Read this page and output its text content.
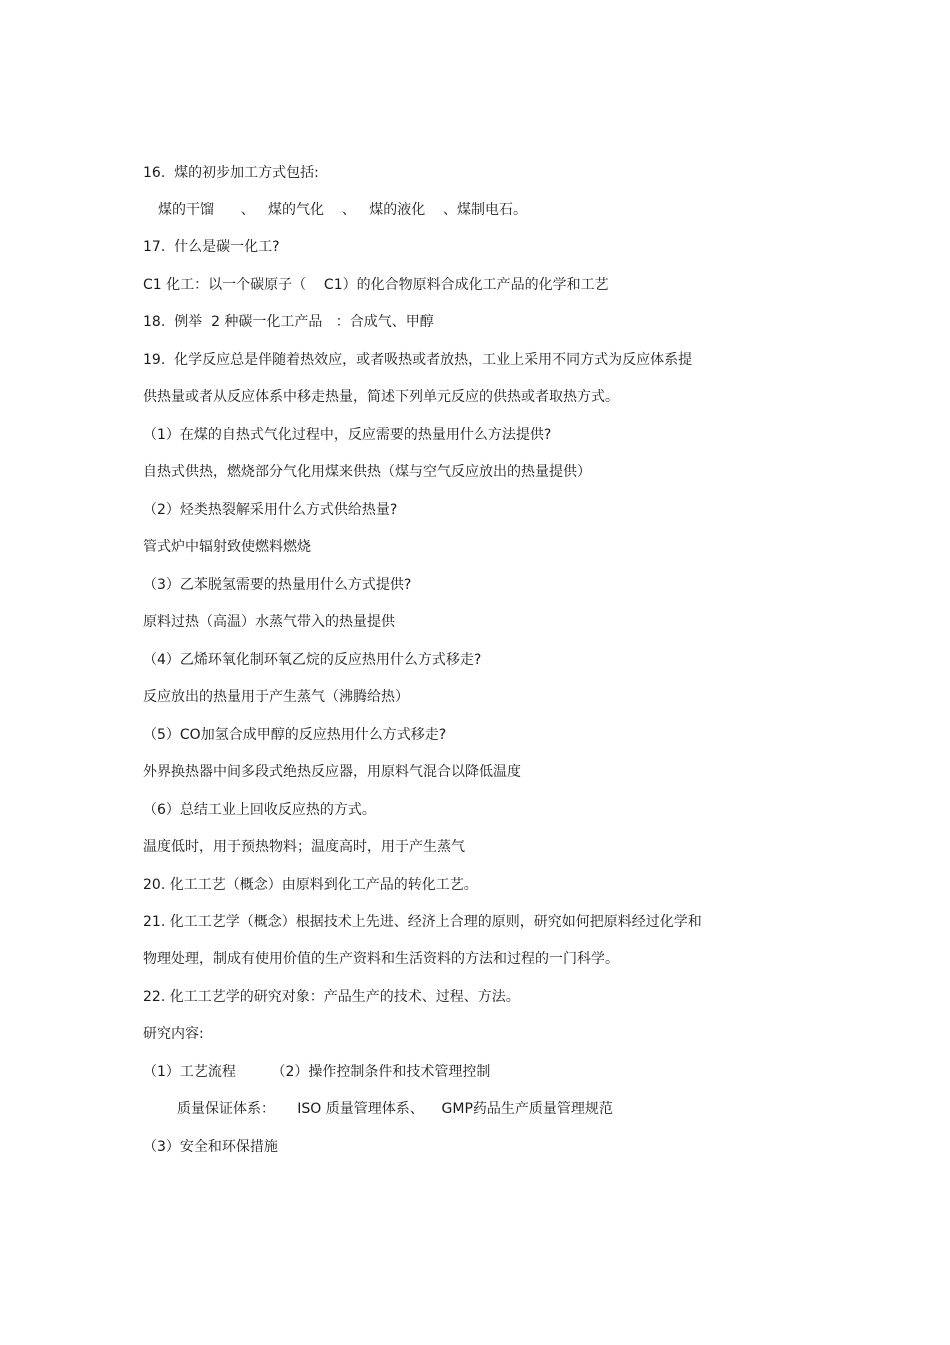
16.  煤的初步加工方式包括:
煤的干馏      、   煤的气化    、   煤的液化    、煤制电石。
17.  什么是碳一化工?
C1 化工：以一个碳原子（    C1）的化合物原料合成化工产品的化学和工艺
18.  例举  2 种碳一化工产品   ：合成气、甲醇
19.  化学反应总是伴随着热效应，或者吸热或者放热，工业上采用不同方式为反应体系提
供热量或者从反应体系中移走热量，简述下列单元反应的供热或者取热方式。
（1）在煤的自热式气化过程中，反应需要的热量用什么方法提供?
自热式供热，燃烧部分气化用煤来供热（煤与空气反应放出的热量提供）
（2）烃类热裂解采用什么方式供给热量?
管式炉中辐射致使燃料燃烧
（3）乙苯脱氢需要的热量用什么方式提供?
原料过热（高温）水蒸气带入的热量提供
（4）乙烯环氧化制环氧乙烷的反应热用什么方式移走?
反应放出的热量用于产生蒸气（沸腾给热）
（5）CO加氢合成甲醇的反应热用什么方式移走?
外界换热器中间多段式绝热反应器，用原料气混合以降低温度
（6）总结工业上回收反应热的方式。
温度低时，用于预热物料；温度高时，用于产生蒸气
20. 化工工艺（概念）由原料到化工产品的转化工艺。
21. 化工工艺学（概念）根据技术上先进、经济上合理的原则，研究如何把原料经过化学和
物理处理，制成有使用价值的生产资料和生活资料的方法和过程的一门科学。
22. 化工工艺学的研究对象：产品生产的技术、过程、方法。
研究内容:
（1）工艺流程        （2）操作控制条件和技术管理控制
质量保证体系：     ISO 质量管理体系、    GMP药品生产质量管理规范
（3）安全和环保措施
